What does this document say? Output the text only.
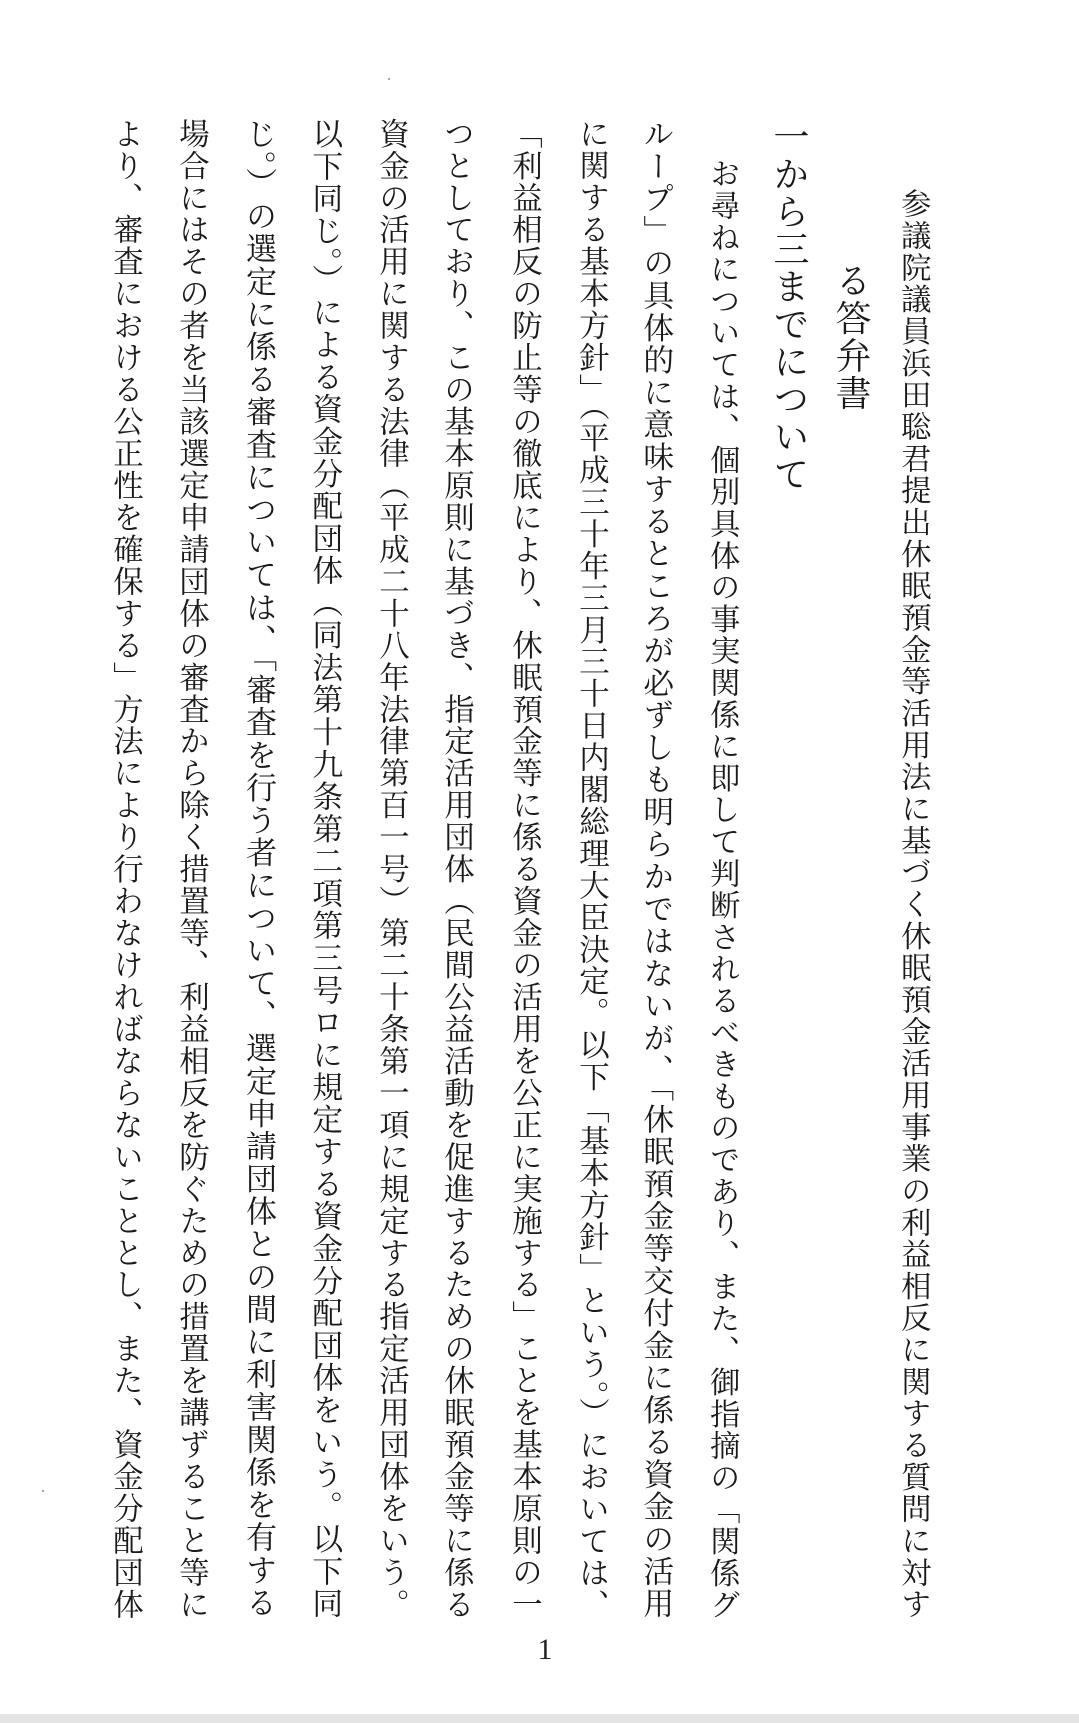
参議院議員浜田聡君提出休眠預金等活用法に基づく休眠預金活用事業の利益相反に関する質問に対す
る答弁書
一から三までについて
お尋ねについては、個別具体の事実関係に即して判断されるべきものであり、また、御指摘の「関係グ
ループ」の具体的に意味するところが必ずしも明らかではないが、「休眠預金等交付金に係る資金の活用
に関する基本方針」（平成三十年三月三十日内閣総理大臣決定。以下「基本方針」という。）においては、
「利益相反の防止等の徹底により、休眠預金等に係る資金の活用を公正に実施する」ことを基本原則の一
つとしており、この基本原則に基づき、指定活用団体（民間公益活動を促進するための休眠預金等に係る
資金の活用に関する法律（平成二十八年法律第百一号）第二十条第一項に規定する指定活用団体をいう。
以下同じ。）による資金分配団体（同法第十九条第二項第三号ロに規定する資金分配団体をいう。以下同
じ。）の選定に係る審査については、「審査を行う者について、選定申請団体との間に利害関係を有する
場合にはその者を当該選定申請団体の審査から除く措置等、利益相反を防ぐための措置を講ずること等に
より、審査における公正性を確保する」方法により行わなければならないこととし、また、資金分配団体
1
